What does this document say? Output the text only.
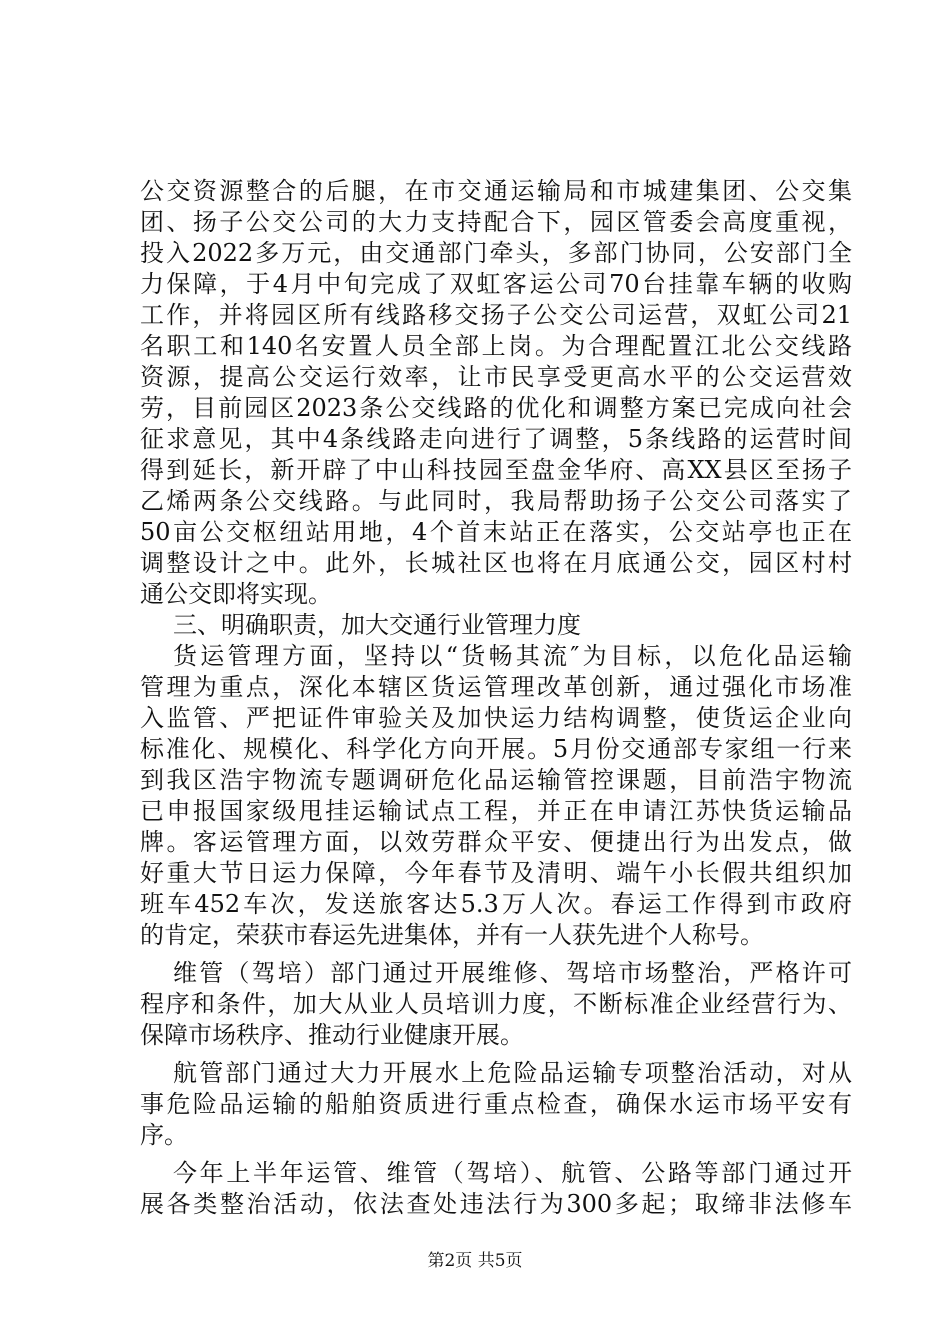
公交资源整合的后腿，在市交通运输局和市城建集团、公交集
团、扬子公交公司的大力支持配合下，园区管委会高度重视，
投入2022多万元，由交通部门牵头，多部门协同，公安部门全
力保障，于4月中旬完成了双虹客运公司70台挂靠车辆的收购
工作，并将园区所有线路移交扬子公交公司运营，双虹公司21
名职工和140名安置人员全部上岗。为合理配置江北公交线路
资源，提高公交运行效率，让市民享受更高水平的公交运营效
劳，目前园区2023条公交线路的优化和调整方案已完成向社会
征求意见，其中4条线路走向进行了调整，5条线路的运营时间
得到延长，新开辟了中山科技园至盘金华府、高XX县区至扬子
乙烯两条公交线路。与此同时，我局帮助扬子公交公司落实了
50亩公交枢纽站用地，4个首末站正在落实，公交站亭也正在
调整设计之中。此外，长城社区也将在月底通公交，园区村村
通公交即将实现。
三、明确职责，加大交通行业管理力度
货运管理方面，坚持以“货畅其流″为目标，以危化品运输
管理为重点，深化本辖区货运管理改革创新，通过强化市场准
入监管、严把证件审验关及加快运力结构调整，使货运企业向
标准化、规模化、科学化方向开展。5月份交通部专家组一行来
到我区浩宇物流专题调研危化品运输管控课题，目前浩宇物流
已申报国家级甩挂运输试点工程，并正在申请江苏快货运输品
牌。客运管理方面，以效劳群众平安、便捷出行为出发点，做
好重大节日运力保障，今年春节及清明、端午小长假共组织加
班车452车次，发送旅客达5.3万人次。春运工作得到市政府
的肯定，荣获市春运先进集体，并有一人获先进个人称号。
维管（驾培）部门通过开展维修、驾培市场整治，严格许可
程序和条件，加大从业人员培训力度，不断标准企业经营行为、
保障市场秩序、推动行业健康开展。
航管部门通过大力开展水上危险品运输专项整治活动，对从
事危险品运输的船舶资质进行重点检查，确保水运市场平安有
序。
今年上半年运管、维管（驾培）、航管、公路等部门通过开
展各类整治活动，依法查处违法行为300多起；取缔非法修车
第2页 共5页
